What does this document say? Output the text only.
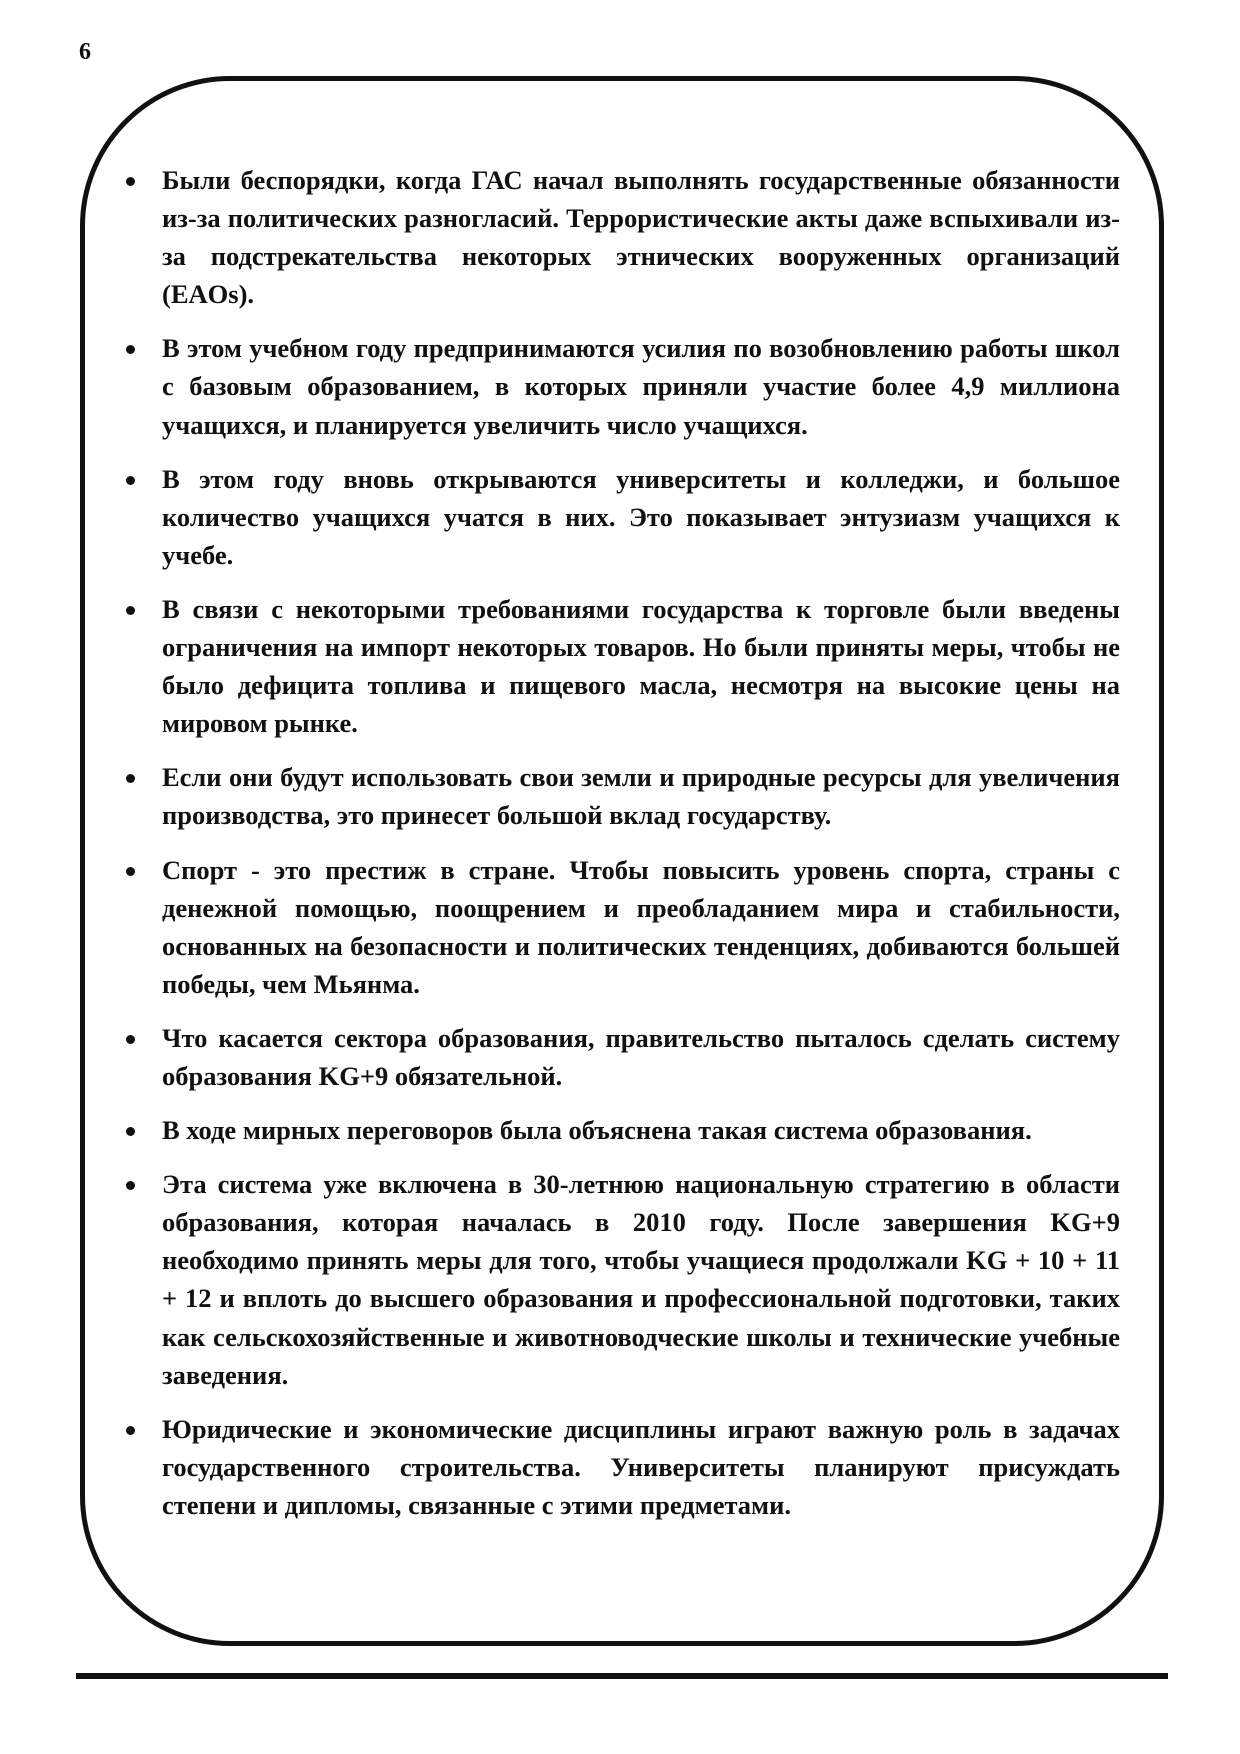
6
Были беспорядки, когда ГАС начал выполнять государственные обязанности из-за политических разногласий. Террористические акты даже вспыхивали из-за подстрекательства некоторых этнических вооруженных организаций (EAOs).
В этом учебном году предпринимаются усилия по возобновлению работы школ с базовым образованием, в которых приняли участие более 4,9 миллиона учащихся, и планируется увеличить число учащихся.
В этом году вновь открываются университеты и колледжи, и большое количество учащихся учатся в них. Это показывает энтузиазм учащихся к учебе.
В связи с некоторыми требованиями государства к торговле были введены ограничения на импорт некоторых товаров. Но были приняты меры, чтобы не было дефицита топлива и пищевого масла, несмотря на высокие цены на мировом рынке.
Если они будут использовать свои земли и природные ресурсы для увеличения производства, это принесет большой вклад государству.
Спорт - это престиж в стране. Чтобы повысить уровень спорта, страны с денежной помощью, поощрением и преобладанием мира и стабильности, основанных на безопасности и политических тенденциях, добиваются большей победы, чем Мьянма.
Что касается сектора образования, правительство пыталось сделать систему образования KG+9 обязательной.
В ходе мирных переговоров была объяснена такая система образования.
Эта система уже включена в 30-летнюю национальную стратегию в области образования, которая началась в 2010 году. После завершения KG+9 необходимо принять меры для того, чтобы учащиеся продолжали KG + 10 + 11 + 12 и вплоть до высшего образования и профессиональной подготовки, таких как сельскохозяйственные и животноводческие школы и технические учебные заведения.
Юридические и экономические дисциплины играют важную роль в задачах государственного строительства. Университеты планируют присуждать степени и дипломы, связанные с этими предметами.
